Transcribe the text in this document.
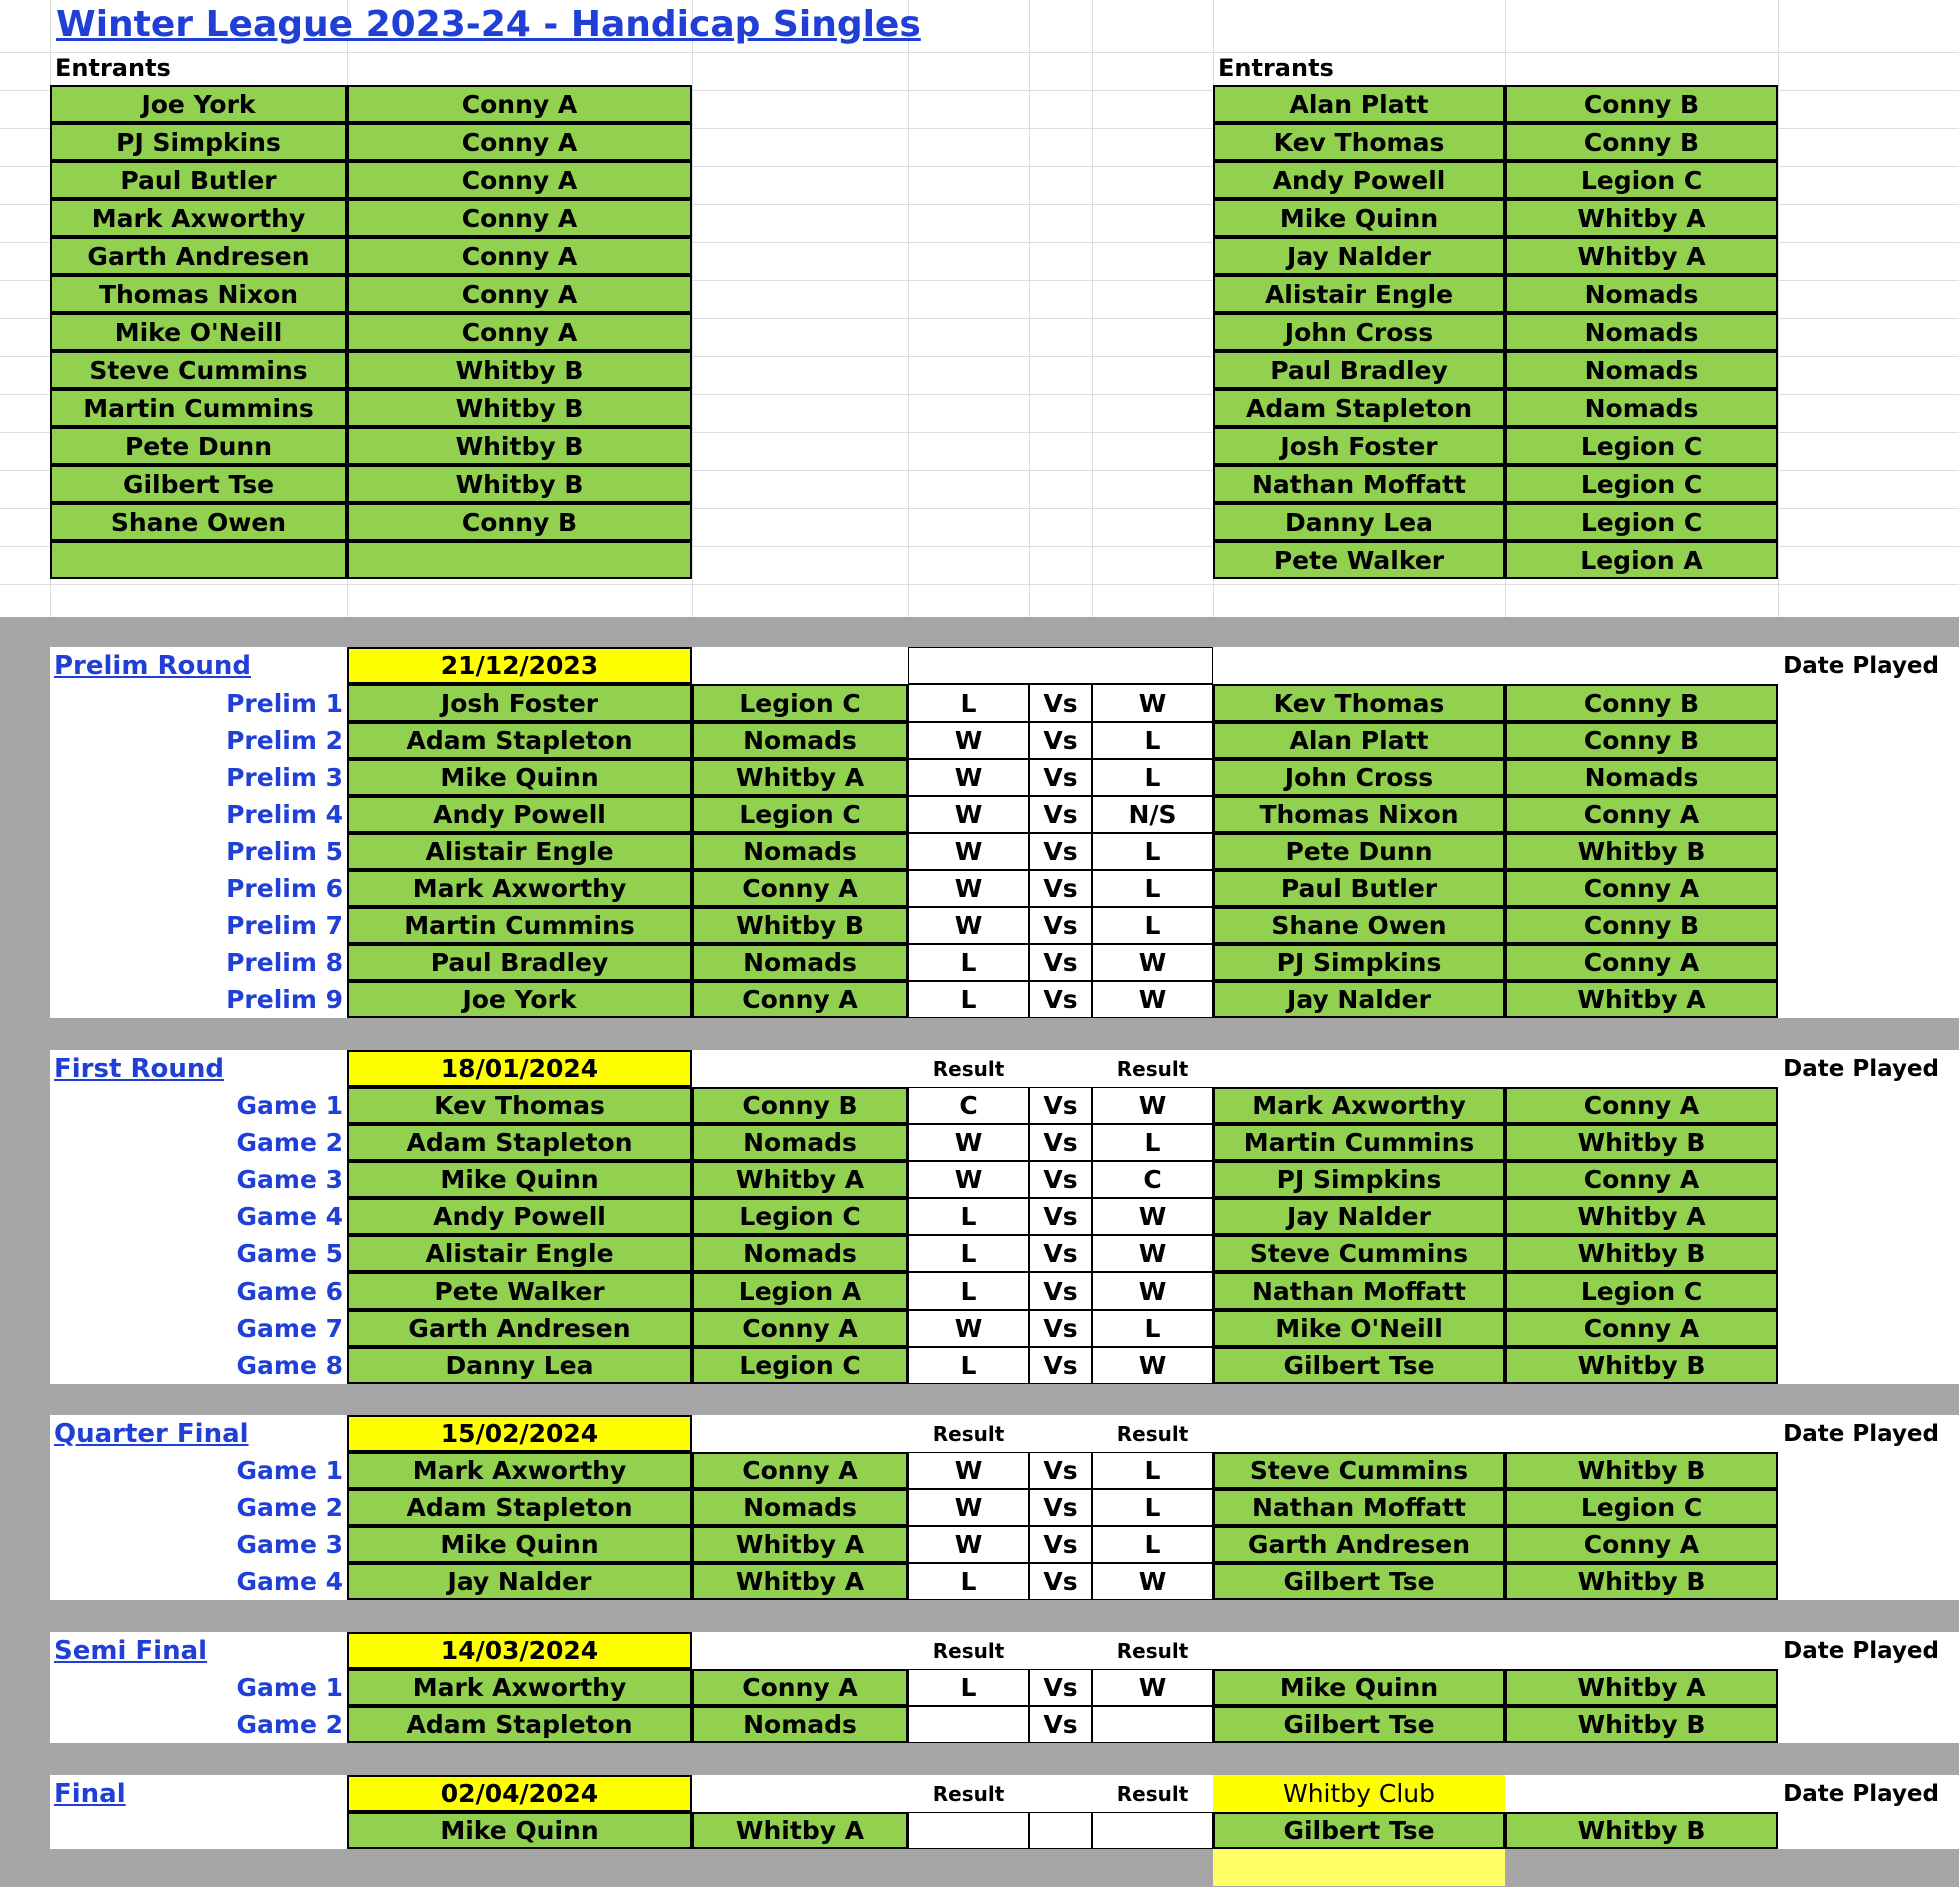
Winter League 2023-24 - Handicap Singles
Entrants	Entrants
Joe York	Conny A
PJ Simpkins	Conny A
Paul Butler	Conny A
Mark Axworthy	Conny A
Garth Andresen	Conny A
Thomas Nixon	Conny A
Mike O'Neill	Conny A
Steve Cummins	Whitby B
Martin Cummins	Whitby B
Pete Dunn	Whitby B
Gilbert Tse	Whitby B
Shane Owen	Conny B
Alan Platt	Conny B
Kev Thomas	Conny B
Andy Powell	Legion C
Mike Quinn	Whitby A
Jay Nalder	Whitby A
Alistair Engle	Nomads
John Cross	Nomads
Paul Bradley	Nomads
Adam Stapleton	Nomads
Josh Foster	Legion C
Nathan Moffatt	Legion C
Danny Lea	Legion C
Pete Walker	Legion A
Prelim Round	21/12/2023	Date Played
Prelim 1	Josh Foster	Legion C	L	Vs	W	Kev Thomas	Conny B
Prelim 2	Adam Stapleton	Nomads	W	Vs	L	Alan Platt	Conny B
Prelim 3	Mike Quinn	Whitby A	W	Vs	L	John Cross	Nomads
Prelim 4	Andy Powell	Legion C	W	Vs	N/S	Thomas Nixon	Conny A
Prelim 5	Alistair Engle	Nomads	W	Vs	L	Pete Dunn	Whitby B
Prelim 6	Mark Axworthy	Conny A	W	Vs	L	Paul Butler	Conny A
Prelim 7	Martin Cummins	Whitby B	W	Vs	L	Shane Owen	Conny B
Prelim 8	Paul Bradley	Nomads	L	Vs	W	PJ Simpkins	Conny A
Prelim 9	Joe York	Conny A	L	Vs	W	Jay Nalder	Whitby A
First Round	18/01/2024	Result	Result	Date Played
Game 1	Kev Thomas	Conny B	C	Vs	W	Mark Axworthy	Conny A
Game 2	Adam Stapleton	Nomads	W	Vs	L	Martin Cummins	Whitby B
Game 3	Mike Quinn	Whitby A	W	Vs	C	PJ Simpkins	Conny A
Game 4	Andy Powell	Legion C	L	Vs	W	Jay Nalder	Whitby A
Game 5	Alistair Engle	Nomads	L	Vs	W	Steve Cummins	Whitby B
Game 6	Pete Walker	Legion A	L	Vs	W	Nathan Moffatt	Legion C
Game 7	Garth Andresen	Conny A	W	Vs	L	Mike O'Neill	Conny A
Game 8	Danny Lea	Legion C	L	Vs	W	Gilbert Tse	Whitby B
Quarter Final	15/02/2024	Result	Result	Date Played
Game 1	Mark Axworthy	Conny A	W	Vs	L	Steve Cummins	Whitby B
Game 2	Adam Stapleton	Nomads	W	Vs	L	Nathan Moffatt	Legion C
Game 3	Mike Quinn	Whitby A	W	Vs	L	Garth Andresen	Conny A
Game 4	Jay Nalder	Whitby A	L	Vs	W	Gilbert Tse	Whitby B
Semi Final	14/03/2024	Result	Result	Date Played
Game 1	Mark Axworthy	Conny A	L	Vs	W	Mike Quinn	Whitby A
Game 2	Adam Stapleton	Nomads	Vs	Gilbert Tse	Whitby B
Final	02/04/2024	Result	Result	Whitby Club	Date Played
Mike Quinn	Whitby A	Gilbert Tse	Whitby B
